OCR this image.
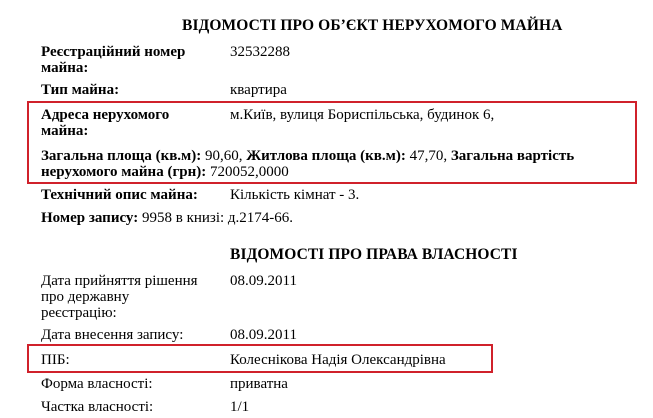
ВІДОМОСТІ ПРО ОБ’ЄКТ НЕРУХОМОГО МАЙНА
Реєстраційний номер
майна:
32532288
Тип майна:	квартира
Адреса нерухомого
майна:
м.Київ, вулиця Бориспільська, будинок 6,
Загальна площа (кв.м): 90,60, Житлова площа (кв.м): 47,70, Загальна вартість
нерухомого майна (грн): 720052,0000
Технічний опис майна: Кількість кімнат - 3.
Номер запису: 9958 в книзі: д.2174-66.
ВІДОМОСТІ ПРО ПРАВА ВЛАСНОСТІ
Дата прийняття рішення
про державну
реєстрацію:
08.09.2011
Дата внесення запису:	08.09.2011
ПІБ:	Колеснікова Надія Олександрівна
Форма власності:	приватна
Частка власності:	1/1
